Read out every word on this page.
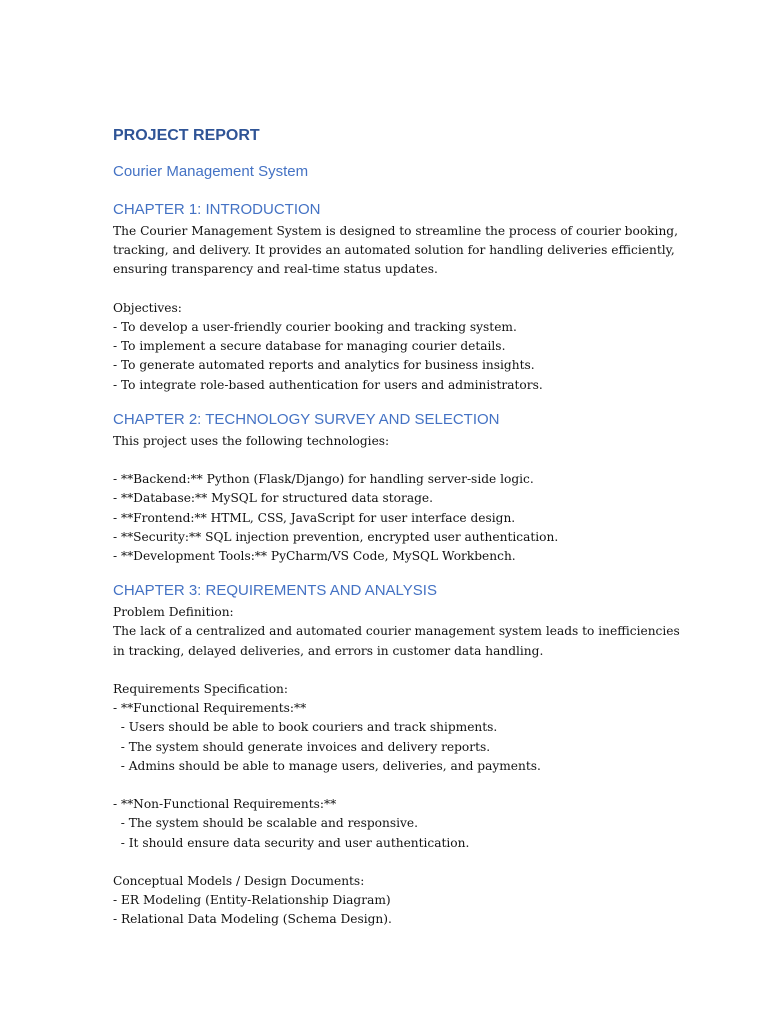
PROJECT REPORT
Courier Management System
CHAPTER 1: INTRODUCTION
The Courier Management System is designed to streamline the process of courier booking,
tracking, and delivery. It provides an automated solution for handling deliveries efficiently,
ensuring transparency and real-time status updates.
Objectives:
- To develop a user-friendly courier booking and tracking system.
- To implement a secure database for managing courier details.
- To generate automated reports and analytics for business insights.
- To integrate role-based authentication for users and administrators.
CHAPTER 2: TECHNOLOGY SURVEY AND SELECTION
This project uses the following technologies:
- **Backend:** Python (Flask/Django) for handling server-side logic.
- **Database:** MySQL for structured data storage.
- **Frontend:** HTML, CSS, JavaScript for user interface design.
- **Security:** SQL injection prevention, encrypted user authentication.
- **Development Tools:** PyCharm/VS Code, MySQL Workbench.
CHAPTER 3: REQUIREMENTS AND ANALYSIS
Problem Definition:
The lack of a centralized and automated courier management system leads to inefficiencies
in tracking, delayed deliveries, and errors in customer data handling.
Requirements Specification:
- **Functional Requirements:**
- Users should be able to book couriers and track shipments.
- The system should generate invoices and delivery reports.
- Admins should be able to manage users, deliveries, and payments.
- **Non-Functional Requirements:**
- The system should be scalable and responsive.
- It should ensure data security and user authentication.
Conceptual Models / Design Documents:
- ER Modeling (Entity-Relationship Diagram)
- Relational Data Modeling (Schema Design).
